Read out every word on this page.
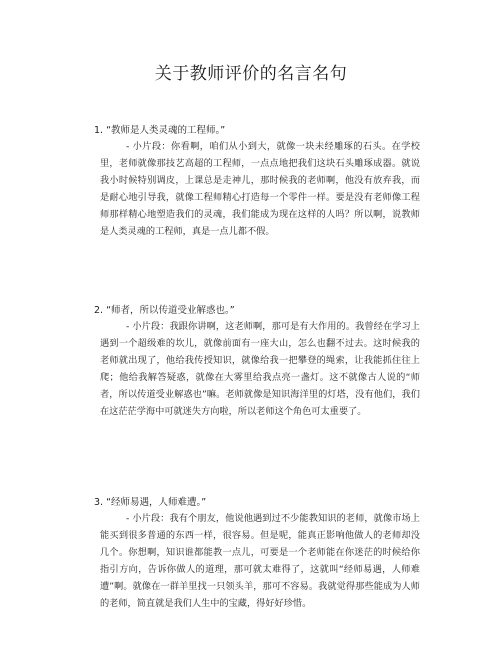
关于教师评价的名言名句

1. “教师是人类灵魂的工程师。”

- 小片段：你看啊，咱们从小到大，就像一块未经雕琢的石头。在学校里，老师就像那技艺高超的工程师，一点点地把我们这块石头雕琢成器。就说我小时候特别调皮，上课总是走神儿，那时候我的老师啊，他没有放弃我，而是耐心地引导我，就像工程师精心打造每一个零件一样。要是没有老师像工程师那样精心地塑造我们的灵魂，我们能成为现在这样的人吗？所以啊，说教师是人类灵魂的工程师，真是一点儿都不假。

2. “师者，所以传道受业解惑也。”

- 小片段：我跟你讲啊，这老师啊，那可是有大作用的。我曾经在学习上遇到一个超级难的坎儿，就像前面有一座大山，怎么也翻不过去。这时候我的老师就出现了，他给我传授知识，就像给我一把攀登的绳索，让我能抓住往上爬；他给我解答疑惑，就像在大雾里给我点亮一盏灯。这不就像古人说的“师者，所以传道受业解惑也”嘛。老师就像是知识海洋里的灯塔，没有他们，我们在这茫茫学海中可就迷失方向啦，所以老师这个角色可太重要了。

3. “经师易遇，人师难遭。”

- 小片段：我有个朋友，他说他遇到过不少能教知识的老师，就像市场上能买到很多普通的东西一样，很容易。但是呢，能真正影响他做人的老师却没几个。你想啊，知识谁都能教一点儿，可要是一个老师能在你迷茫的时候给你指引方向，告诉你做人的道理，那可就太难得了，这就叫“经师易遇，人师难遭”啊。就像在一群羊里找一只领头羊，那可不容易。我就觉得那些能成为人师的老师，简直就是我们人生中的宝藏，得好好珍惜。
